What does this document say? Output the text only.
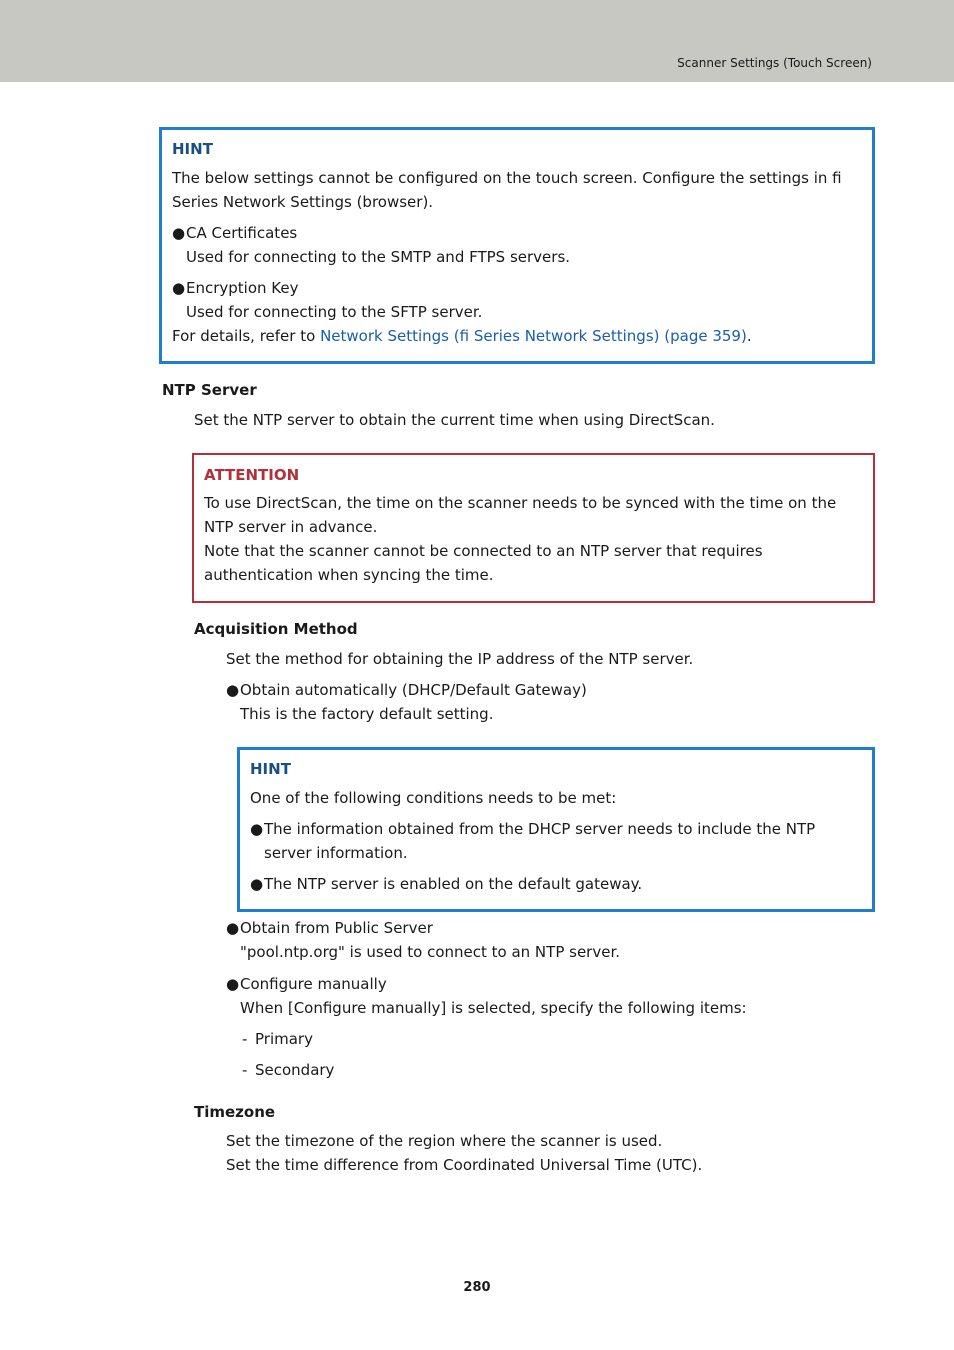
Scanner Settings (Touch Screen)
HINT

The below settings cannot be configured on the touch screen. Configure the settings in fi Series Network Settings (browser).

● CA Certificates
Used for connecting to the SMTP and FTPS servers.
● Encryption Key
Used for connecting to the SFTP server.

For details, refer to Network Settings (fi Series Network Settings) (page 359).

NTP Server
Set the NTP server to obtain the current time when using DirectScan.
ATTENTION

To use DirectScan, the time on the scanner needs to be synced with the time on the NTP server in advance.

Note that the scanner cannot be connected to an NTP server that requires authentication when syncing the time.

Acquisition Method
Set the method for obtaining the IP address of the NTP server.
● Obtain automatically (DHCP/Default Gateway)
This is the factory default setting.
HINT

One of the following conditions needs to be met:

● The information obtained from the DHCP server needs to include the NTP server information.
● The NTP server is enabled on the default gateway.
● Obtain from Public Server
"pool.ntp.org" is used to connect to an NTP server.
● Configure manually
When [Configure manually] is selected, specify the following items:
- Primary
- Secondary
Timezone
Set the timezone of the region where the scanner is used.
Set the time difference from Coordinated Universal Time (UTC).
280
